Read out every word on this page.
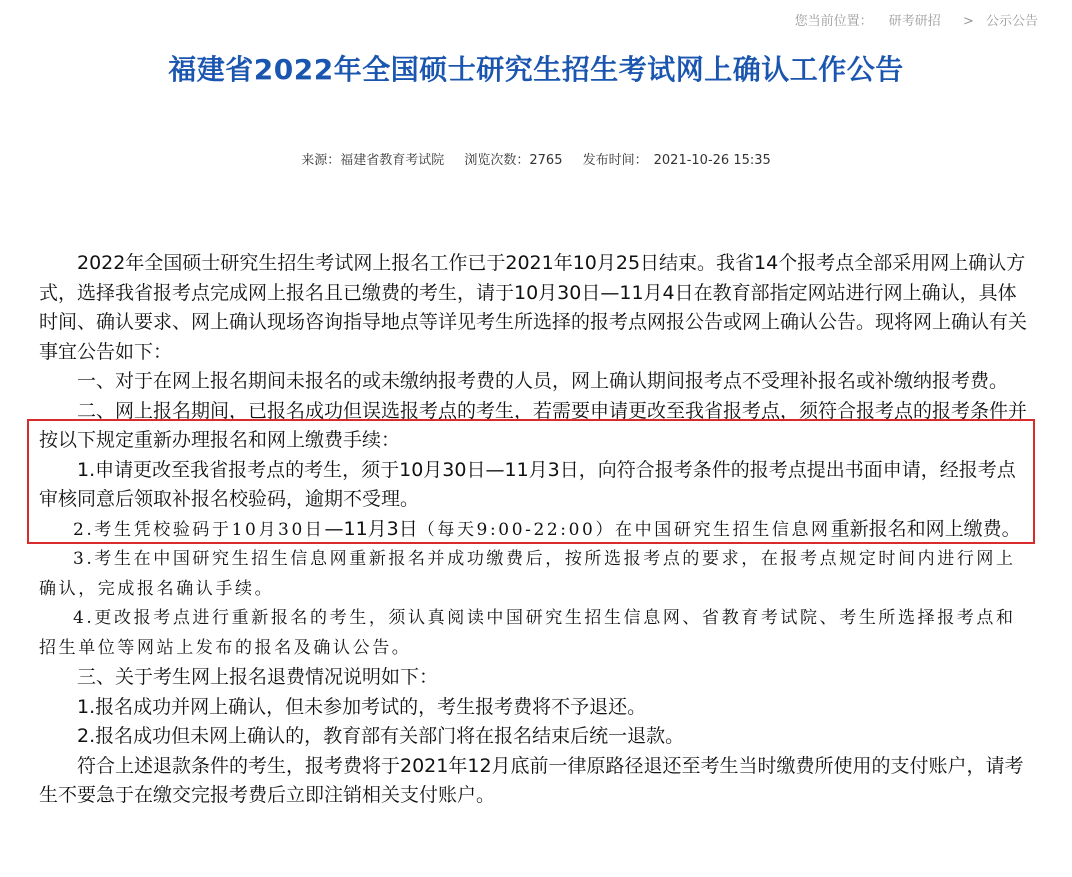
您当前位置： 研考研招 > 公示公告
福建省2022年全国硕士研究生招生考试网上确认工作公告
来源：福建省教育考试院 浏览次数：2765 发布时间： 2021-10-26 15:35

2022年全国硕士研究生招生考试网上报名工作已于2021年10月25日结束。我省14个报考点全部采用网上确认方式，选择我省报考点完成网上报名且已缴费的考生，请于10月30日—11月4日在教育部指定网站进行网上确认，具体时间、确认要求、网上确认现场咨询指导地点等详见考生所选择的报考点网报公告或网上确认公告。现将网上确认有关事宜公告如下：

一、对于在网上报名期间未报名的或未缴纳报考费的人员，网上确认期间报考点不受理补报名或补缴纳报考费。

二、网上报名期间，已报名成功但误选报考点的考生，若需要申请更改至我省报考点，须符合报考点的报考条件并按以下规定重新办理报名和网上缴费手续：

1.申请更改至我省报考点的考生，须于10月30日—11月3日，向符合报考条件的报考点提出书面申请，经报考点审核同意后领取补报名校验码，逾期不受理。

2.考生凭校验码于10月30日—11月3日（每天9:00-22:00）在中国研究生招生信息网重新报名和网上缴费。

3.考生在中国研究生招生信息网重新报名并成功缴费后，按所选报考点的要求，在报考点规定时间内进行网上确认，完成报名确认手续。

4.更改报考点进行重新报名的考生，须认真阅读中国研究生招生信息网、省教育考试院、考生所选择报考点和招生单位等网站上发布的报名及确认公告。

三、关于考生网上报名退费情况说明如下：

1.报名成功并网上确认，但未参加考试的，考生报考费将不予退还。

2.报名成功但未网上确认的，教育部有关部门将在报名结束后统一退款。

符合上述退款条件的考生，报考费将于2021年12月底前一律原路径退还至考生当时缴费所使用的支付账户，请考生不要急于在缴交完报考费后立即注销相关支付账户。
